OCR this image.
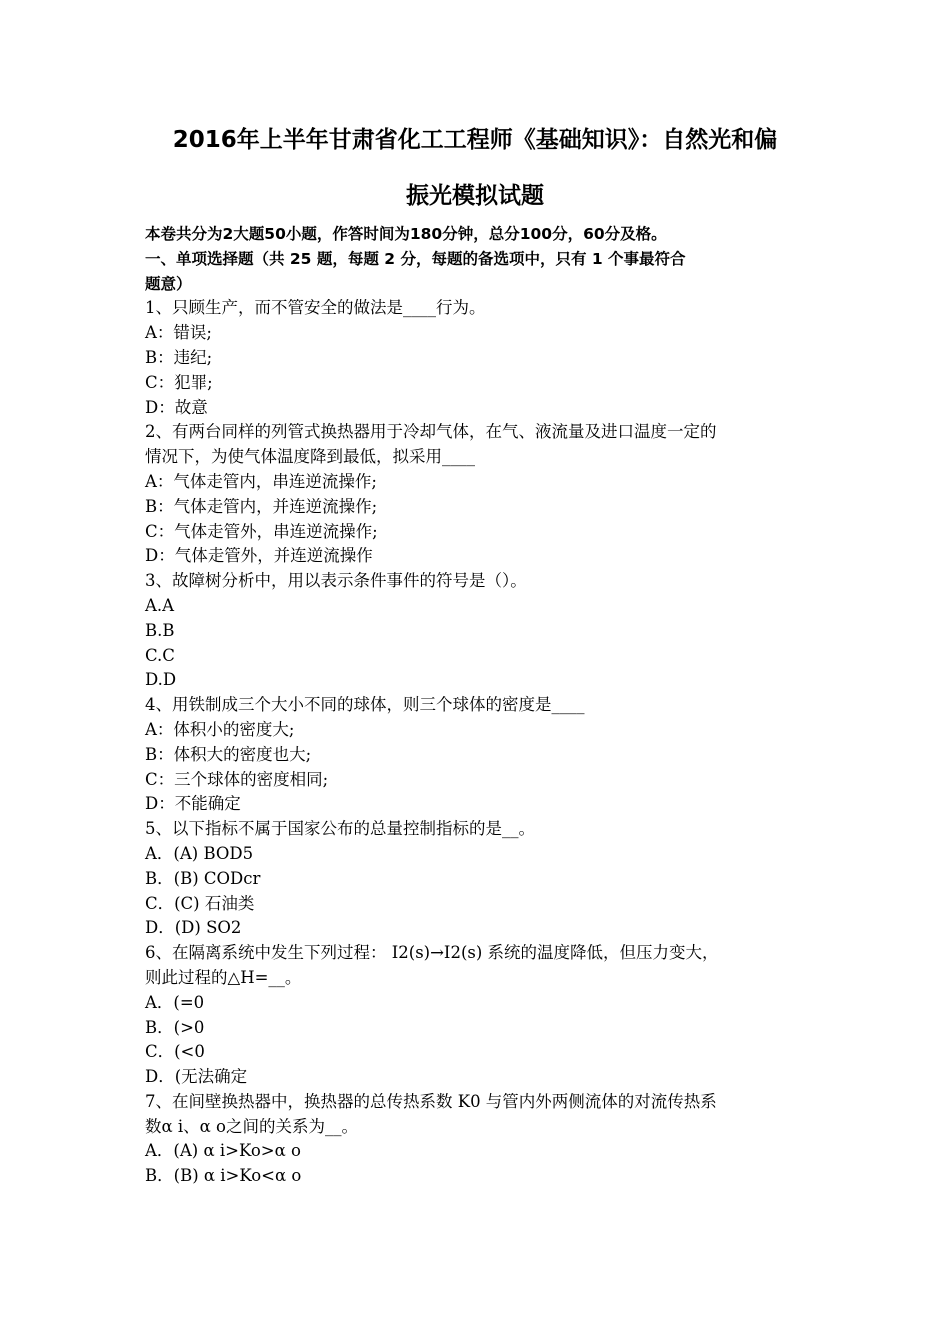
2016年上半年甘肃省化工工程师《基础知识》：自然光和偏
振光模拟试题
本卷共分为2大题50小题，作答时间为180分钟，总分100分，60分及格。
一、单项选择题（共 25 题，每题 2 分，每题的备选项中，只有 1 个事最符合
题意）
1、只顾生产，而不管安全的做法是____行为。
A：错误;
B：违纪;
C：犯罪;
D：故意
2、有两台同样的列管式换热器用于冷却气体，在气、液流量及进口温度一定的
情况下，为使气体温度降到最低，拟采用____
A：气体走管内，串连逆流操作;
B：气体走管内，并连逆流操作;
C：气体走管外，串连逆流操作;
D：气体走管外，并连逆流操作
3、故障树分析中，用以表示条件事件的符号是（）。
A.A
B.B
C.C
D.D
4、用铁制成三个大小不同的球体，则三个球体的密度是____
A：体积小的密度大;
B：体积大的密度也大;
C：三个球体的密度相同;
D：不能确定
5、以下指标不属于国家公布的总量控制指标的是__。
A．(A) BOD5
B．(B) CODcr
C．(C) 石油类
D．(D) SO2
6、在隔离系统中发生下列过程： I2(s)→I2(s) 系统的温度降低，但压力变大，
则此过程的△H=__。
A．(=0
B．(>0
C．(<0
D．(无法确定
7、在间壁换热器中，换热器的总传热系数 K0 与管内外两侧流体的对流传热系
数α i、α o之间的关系为__。
A．(A) α i>Ko>α o
B．(B) α i>Ko<α o
